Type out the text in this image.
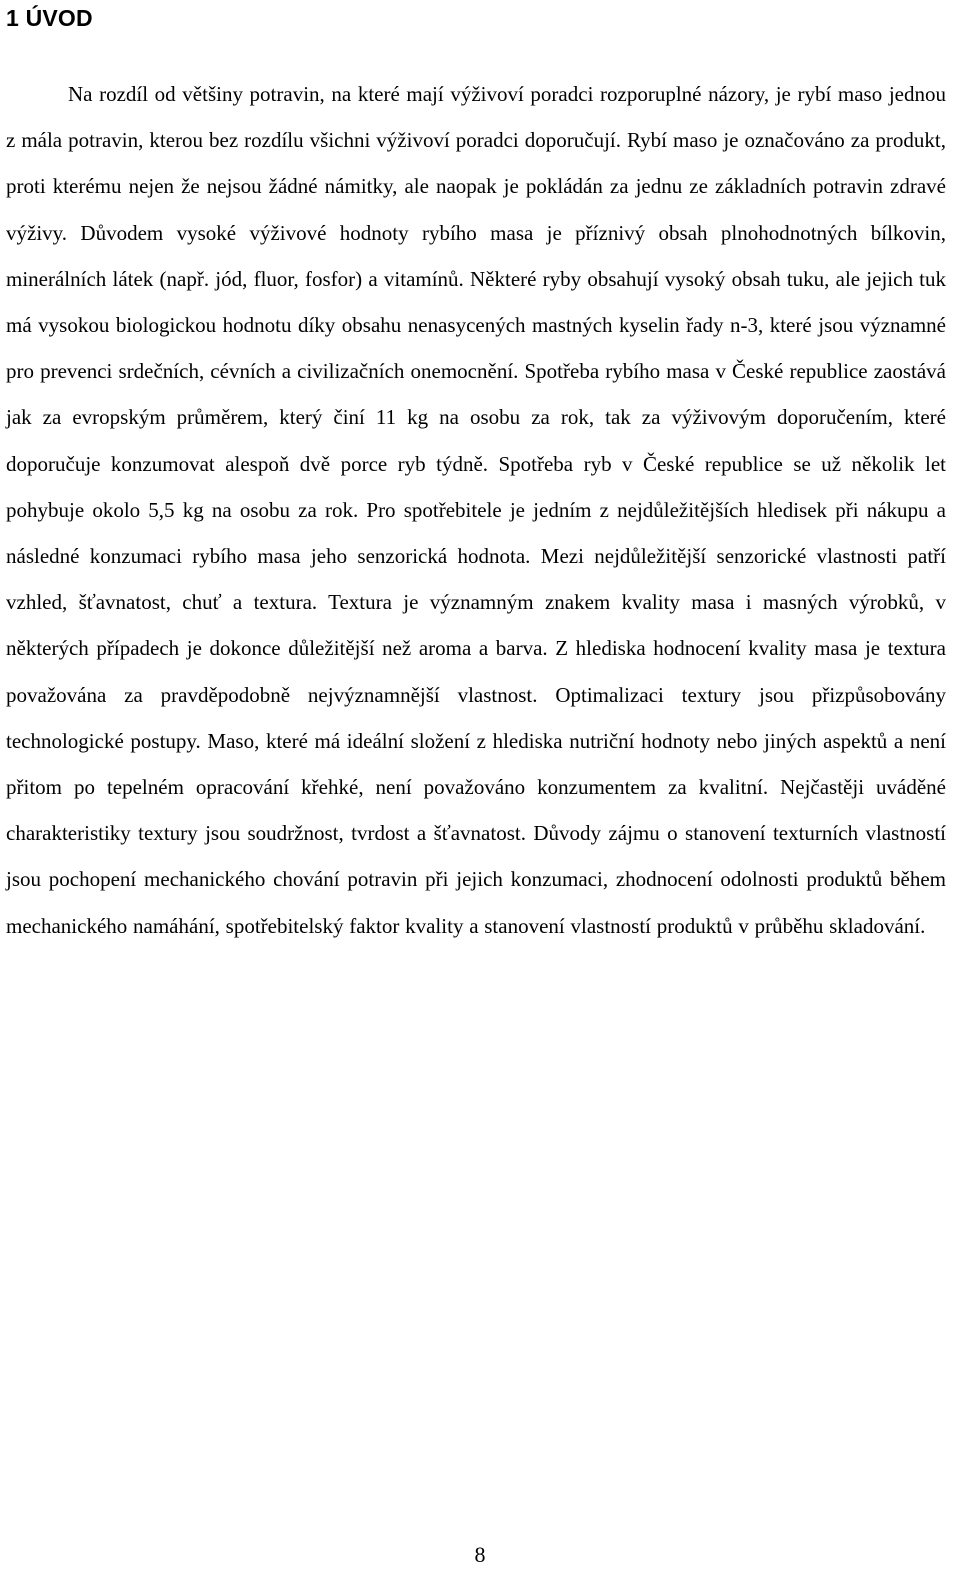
1 ÚVOD

Na rozdíl od většiny potravin, na které mají výživoví poradci rozporuplné názory, je rybí maso jednou z mála potravin, kterou bez rozdílu všichni výživoví poradci doporučují. Rybí maso je označováno za produkt, proti kterému nejen že nejsou žádné námitky, ale naopak je pokládán za jednu ze základních potravin zdravé výživy. Důvodem vysoké výživové hodnoty rybího masa je příznivý obsah plnohodnotných bílkovin, minerálních látek (např. jód, fluor, fosfor) a vitamínů. Některé ryby obsahují vysoký obsah tuku, ale jejich tuk má vysokou biologickou hodnotu díky obsahu nenasycených mastných kyselin řady n-3, které jsou významné pro prevenci srdečních, cévních a civilizačních onemocnění. Spotřeba rybího masa v České republice zaostává jak za evropským průměrem, který činí 11 kg na osobu za rok, tak za výživovým doporučením, které doporučuje konzumovat alespoň dvě porce ryb týdně. Spotřeba ryb v České republice se už několik let pohybuje okolo 5,5 kg na osobu za rok. Pro spotřebitele je jedním z nejdůležitějších hledisek při nákupu a následné konzumaci rybího masa jeho senzorická hodnota. Mezi nejdůležitější senzorické vlastnosti patří vzhled, šťavnatost, chuť a textura. Textura je významným znakem kvality masa i masných výrobků, v některých případech je dokonce důležitější než aroma a barva. Z hlediska hodnocení kvality masa je textura považována za pravděpodobně nejvýznamnější vlastnost. Optimalizaci textury jsou přizpůsobovány technologické postupy. Maso, které má ideální složení z hlediska nutriční hodnoty nebo jiných aspektů a není přitom po tepelném opracování křehké, není považováno konzumentem za kvalitní. Nejčastěji uváděné charakteristiky textury jsou soudržnost, tvrdost a šťavnatost. Důvody zájmu o stanovení texturních vlastností jsou pochopení mechanického chování potravin při jejich konzumaci, zhodnocení odolnosti produktů během mechanického namáhání, spotřebitelský faktor kvality a stanovení vlastností produktů v průběhu skladování.

8
